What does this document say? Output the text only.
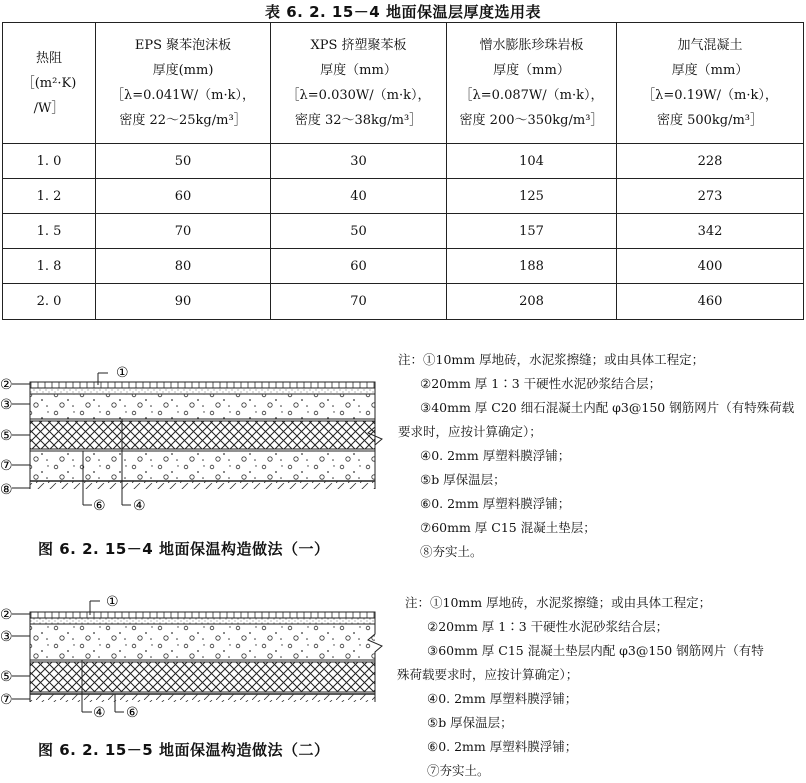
表 6. 2. 15－4 地面保温层厚度选用表
热阻
［(m²·K)
/W］	EPS 聚苯泡沫板
厚度(mm)
［λ=0.041W/（m·k），
密度 22～25kg/m³］	XPS 挤塑聚苯板
厚度（mm）
［λ=0.030W/（m·k），
密度 32～38kg/m³］	憎水膨胀珍珠岩板
厚度（mm）
［λ=0.087W/（m·k），
密度 200～350kg/m³］	加气混凝土
厚度（mm）
［λ=0.19W/（m·k），
密度 500kg/m³］

1. 0	50	30	104	228
1. 2	60	40	125	273
1. 5	70	50	157	342
1. 8	80	60	188	400
2. 0	90	70	208	460
①
②
③
⑤
⑦
⑧
⑥ ④
图 6. 2. 15－4 地面保温构造做法（一）
注：①10mm 厚地砖，水泥浆擦缝；或由具体工程定；
②20mm 厚 1∶3 干硬性水泥砂浆结合层；
③40mm 厚 C20 细石混凝土内配 φ3@150 钢筋网片（有特殊荷载
要求时，应按计算确定）；
④0. 2mm 厚塑料膜浮铺；
⑤b 厚保温层；
⑥0. 2mm 厚塑料膜浮铺；
⑦60mm 厚 C15 混凝土垫层；
⑧夯实土。
①
②
③
⑤
⑦
④ ⑥
图 6. 2. 15－5 地面保温构造做法（二）
注：①10mm 厚地砖，水泥浆擦缝；或由具体工程定；
②20mm 厚 1∶3 干硬性水泥砂浆结合层；
③60mm 厚 C15 混凝土垫层内配 φ3@150 钢筋网片（有特
殊荷载要求时，应按计算确定）；
④0. 2mm 厚塑料膜浮铺；
⑤b 厚保温层；
⑥0. 2mm 厚塑料膜浮铺；
⑦夯实土。
